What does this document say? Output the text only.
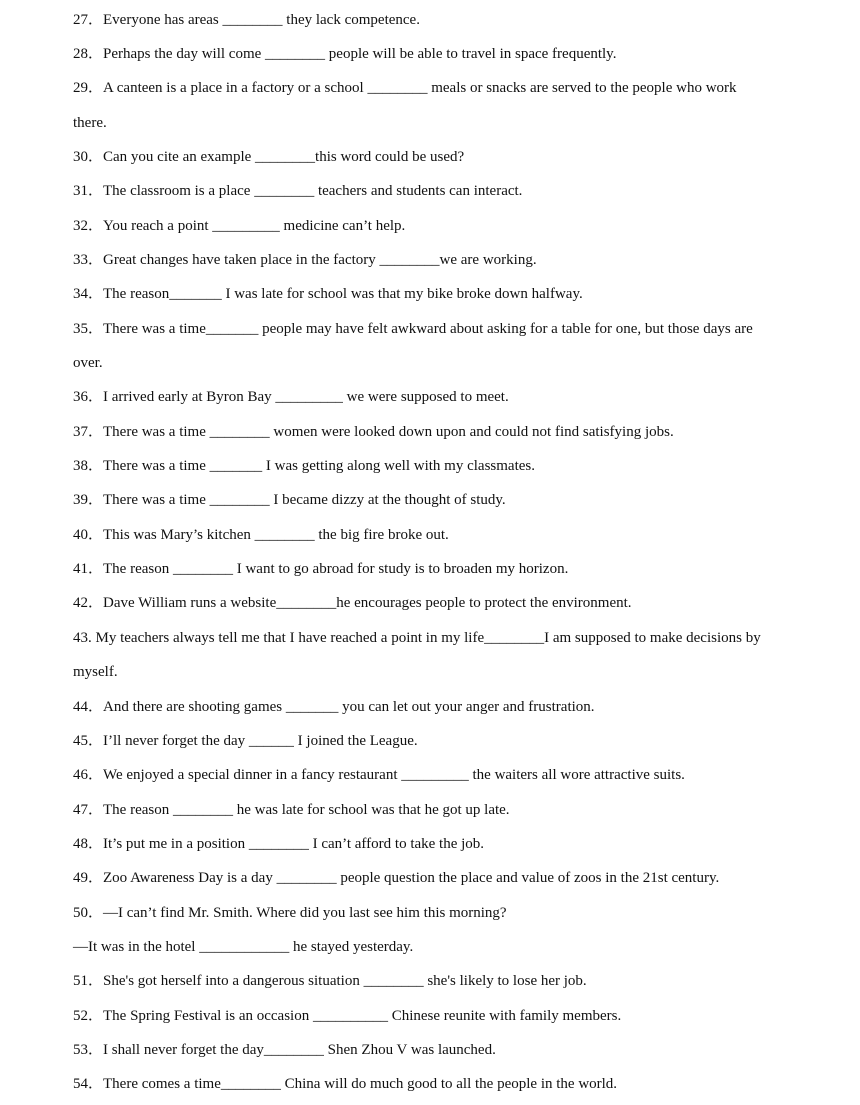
27．Everyone has areas ________ they lack competence.
28．Perhaps the day will come ________ people will be able to travel in space frequently.
29．A canteen is a place in a factory or a school ________ meals or snacks are served to the people who work
there.
30．Can you cite an example ________this word could be used?
31．The classroom is a place ________ teachers and students can interact.
32．You reach a point _________ medicine can’t help.
33．Great changes have taken place in the factory ________we are working.
34．The reason_______ I was late for school was that my bike broke down halfway.
35．There was a time_______ people may have felt awkward about asking for a table for one, but those days are
over.
36．I arrived early at Byron Bay _________ we were supposed to meet.
37．There was a time ________ women were looked down upon and could not find satisfying jobs.
38．There was a time _______ I was getting along well with my classmates.
39．There was a time ________ I became dizzy at the thought of study.
40．This was Mary’s kitchen ________ the big fire broke out.
41．The reason ________ I want to go abroad for study is to broaden my horizon.
42．Dave William runs a website________he encourages people to protect the environment.
43. My teachers always tell me that I have reached a point in my life________I am supposed to make decisions by
myself.
44．And there are shooting games _______ you can let out your anger and frustration.
45．I’ll never forget the day ______ I joined the League.
46．We enjoyed a special dinner in a fancy restaurant _________ the waiters all wore attractive suits.
47．The reason ________ he was late for school was that he got up late.
48．It’s put me in a position ________ I can’t afford to take the job.
49．Zoo Awareness Day is a day ________ people question the place and value of zoos in the 21st century.
50．—I can’t find Mr. Smith. Where did you last see him this morning?
—It was in the hotel ____________ he stayed yesterday.
51．She's got herself into a dangerous situation ________ she's likely to lose her job.
52．The Spring Festival is an occasion __________ Chinese reunite with family members.
53．I shall never forget the day________ Shen Zhou V was launched.
54．There comes a time________ China will do much good to all the people in the world.
